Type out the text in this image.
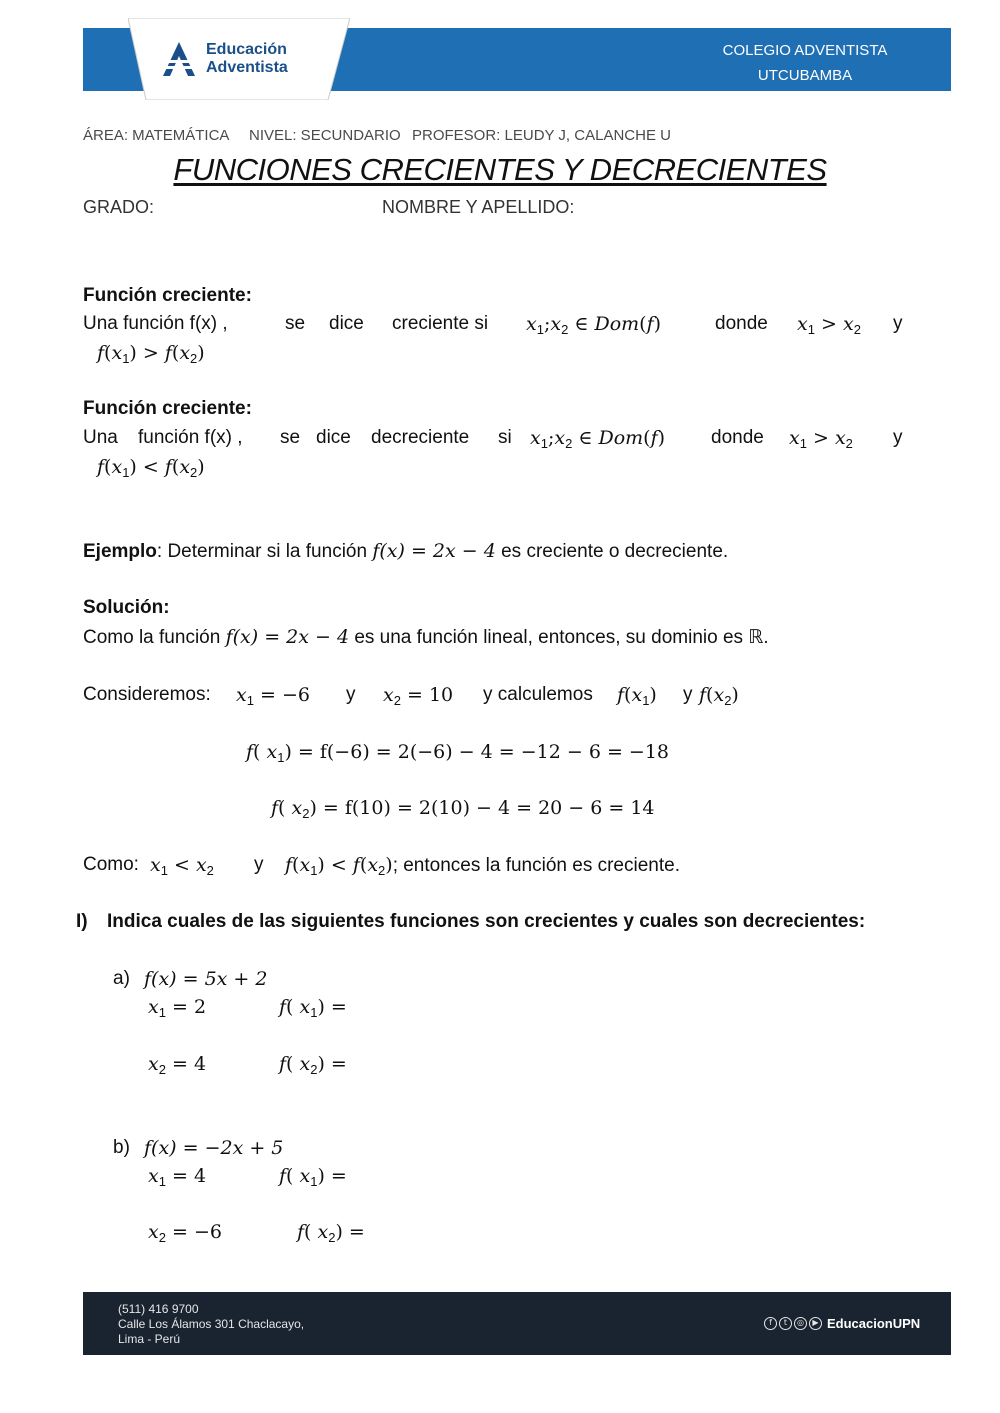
Educación
Adventista
COLEGIO ADVENTISTA
UTCUBAMBA
ÁREA: MATEMÁTICA NIVEL: SECUNDARIO PROFESOR: LEUDY J, CALANCHE U
FUNCIONES CRECIENTES Y DECRECIENTES
GRADO:	NOMBRE Y APELLIDO:
Función creciente:
Una función f(x) ,	se dice creciente si $x_1;x_2$ ∈ Dom(f)	donde $x_1 > x_2$ y
$f(x_1) > f(x_2)$
Función creciente:
Una función f(x) , se dice decreciente si $x_1;x_2$ ∈ Dom(f) donde $x_1 > x_2$ y
$f(x_1) < f(x_2)$
Ejemplo: Determinar si la función f(x) = 2x − 4 es creciente o decreciente.
Solución:
Como la función f(x) = 2x − 4 es una función lineal, entonces, su dominio es ℝ.
Consideremos: $x_1 = -6$ y $x_2 = 10$ y calculemos $f(x_1)$ y $f(x_2)$
f( $x_1) = f(-6) = 2(-6) - 4 = -12 - 6 = -18$
f( $x_2) = f(10) = 2(10) - 4 = 20 - 6 = 14$
Como: $x_1 < x_2$ y $f(x_1) < f(x_2)$; entonces la función es creciente.
I) Indica cuales de las siguientes funciones son crecientes y cuales son decrecientes:
a) f(x) = 5x + 2
$x_1 = 2$	f( $x_1$) =
$x_2 = 4$	f( $x_2$) =
b) f(x) = −2x + 5
$x_1 = 4$	f( $x_1$) =
$x_2 = -6$	f( $x_2$) =
(511) 416 9700
Calle Los Álamos 301 Chaclacayo,
Lima - Perú
f	t	◎	▶ EducacionUPN
